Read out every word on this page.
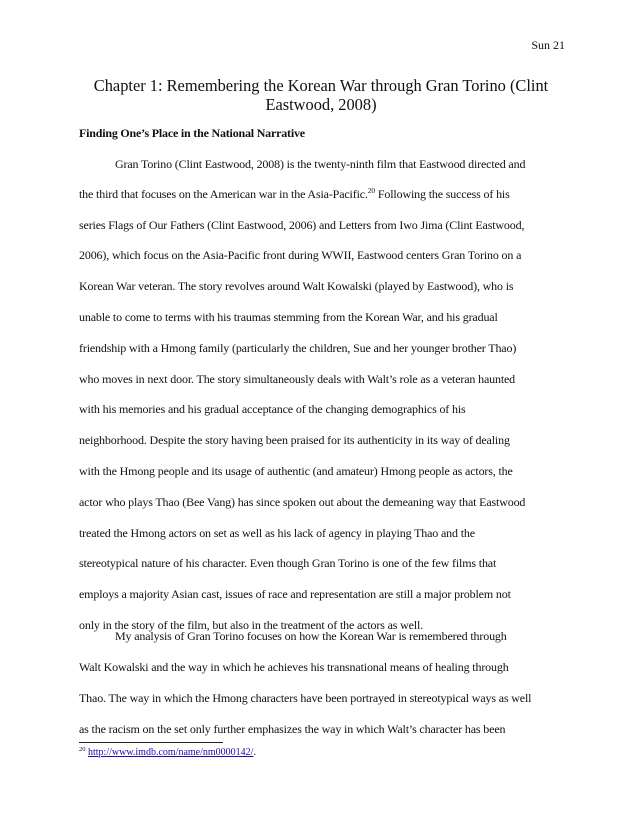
Sun 21
Chapter 1: Remembering the Korean War through Gran Torino (Clint Eastwood, 2008)
Finding One’s Place in the National Narrative
Gran Torino (Clint Eastwood, 2008) is the twenty-ninth film that Eastwood directed and
the third that focuses on the American war in the Asia-Pacific.$^{20}$ Following the success of his
series Flags of Our Fathers (Clint Eastwood, 2006) and Letters from Iwo Jima (Clint Eastwood,
2006), which focus on the Asia-Pacific front during WWII, Eastwood centers Gran Torino on a
Korean War veteran. The story revolves around Walt Kowalski (played by Eastwood), who is
unable to come to terms with his traumas stemming from the Korean War, and his gradual
friendship with a Hmong family (particularly the children, Sue and her younger brother Thao)
who moves in next door. The story simultaneously deals with Walt’s role as a veteran haunted
with his memories and his gradual acceptance of the changing demographics of his
neighborhood. Despite the story having been praised for its authenticity in its way of dealing
with the Hmong people and its usage of authentic (and amateur) Hmong people as actors, the
actor who plays Thao (Bee Vang) has since spoken out about the demeaning way that Eastwood
treated the Hmong actors on set as well as his lack of agency in playing Thao and the
stereotypical nature of his character. Even though Gran Torino is one of the few films that
employs a majority Asian cast, issues of race and representation are still a major problem not
only in the story of the film, but also in the treatment of the actors as well.
My analysis of Gran Torino focuses on how the Korean War is remembered through
Walt Kowalski and the way in which he achieves his transnational means of healing through
Thao. The way in which the Hmong characters have been portrayed in stereotypical ways as well
as the racism on the set only further emphasizes the way in which Walt’s character has been
$^{20}$ http://www.imdb.com/name/nm0000142/.
